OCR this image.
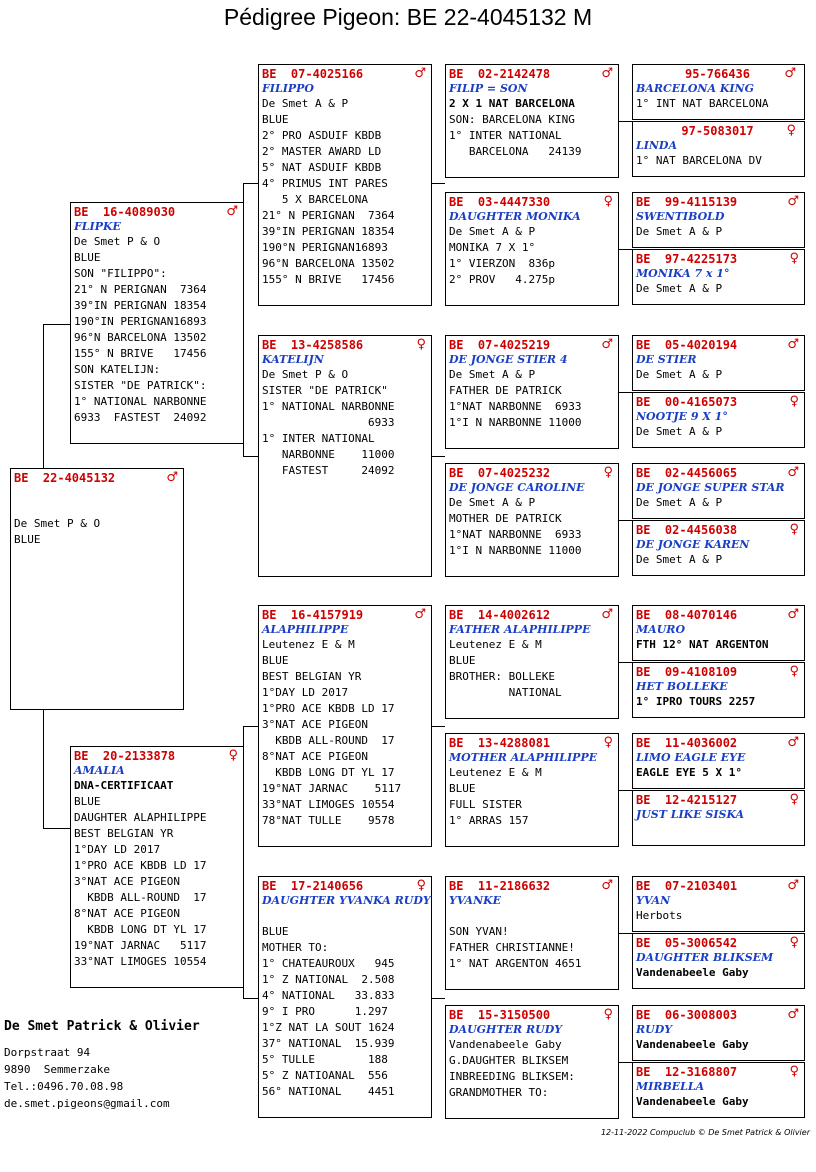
Pédigree Pigeon: BE 22-4045132 M
BE  22-4045132	♂

De Smet P & O
BLUE
BE  16-4089030	♂
FLIPKE
De Smet P & O
BLUE
SON "FILIPPO":
21° N PERIGNAN  7364
39°IN PERIGNAN 18354
190°IN PERIGNAN16893
96°N BARCELONA 13502
155° N BRIVE   17456
SON KATELIJN:
SISTER "DE PATRICK":
1° NATIONAL NARBONNE
6933  FASTEST  24092
BE  20-2133878	♀
AMALIA
DNA-CERTIFICAAT
BLUE
DAUGHTER ALAPHILIPPE
BEST BELGIAN YR
1°DAY LD 2017
1°PRO ACE KBDB LD 17
3°NAT ACE PIGEON
KBDB ALL-ROUND  17
8°NAT ACE PIGEON
KBDB LONG DT YL 17
19°NAT JARNAC   5117
33°NAT LIMOGES 10554
BE  07-4025166	♂
FILIPPO
De Smet A & P
BLUE
2° PRO ASDUIF KBDB
2° MASTER AWARD LD
5° NAT ASDUIF KBDB
4° PRIMUS INT PARES
5 X BARCELONA
21° N PERIGNAN  7364
39°IN PERIGNAN 18354
190°N PERIGNAN16893
96°N BARCELONA 13502
155° N BRIVE   17456
BE  13-4258586	♀
KATELIJN
De Smet P & O
SISTER "DE PATRICK"
1° NATIONAL NARBONNE
6933
1° INTER NATIONAL
NARBONNE    11000
FASTEST     24092
BE  16-4157919	♂
ALAPHILIPPE
Leutenez E & M
BLUE
BEST BELGIAN YR
1°DAY LD 2017
1°PRO ACE KBDB LD 17
3°NAT ACE PIGEON
KBDB ALL-ROUND  17
8°NAT ACE PIGEON
KBDB LONG DT YL 17
19°NAT JARNAC    5117
33°NAT LIMOGES 10554
78°NAT TULLE    9578
BE  17-2140656	♀
DAUGHTER YVANKA RUDY

BLUE
MOTHER TO:
1° CHATEAUROUX   945
1° Z NATIONAL  2.508
4° NATIONAL   33.833
9° I PRO      1.297
1°Z NAT LA SOUT 1624
37° NATIONAL  15.939
5° TULLE        188
5° Z NATIOANAL  556
56° NATIONAL    4451
BE  02-2142478	♂
FILIP = SON
2 X 1 NAT BARCELONA
SON: BARCELONA KING
1° INTER NATIONAL
BARCELONA   24139
BE  03-4447330	♀
DAUGHTER MONIKA
De Smet A & P
MONIKA 7 X 1°
1° VIERZON  836p
2° PROV   4.275p
BE  07-4025219	♂
DE JONGE STIER 4
De Smet A & P
FATHER DE PATRICK
1°NAT NARBONNE  6933
1°I N NARBONNE 11000
BE  07-4025232	♀
DE JONGE CAROLINE
De Smet A & P
MOTHER DE PATRICK
1°NAT NARBONNE  6933
1°I N NARBONNE 11000
BE  14-4002612	♂
FATHER ALAPHILIPPE
Leutenez E & M
BLUE
BROTHER: BOLLEKE
NATIONAL
BE  13-4288081	♀
MOTHER ALAPHILIPPE
Leutenez E & M
BLUE
FULL SISTER
1° ARRAS 157
BE  11-2186632	♂
YVANKE

SON YVAN!
FATHER CHRISTIANNE!
1° NAT ARGENTON 4651
BE  15-3150500	♀
DAUGHTER RUDY
Vandenabeele Gaby
G.DAUGHTER BLIKSEM
INBREEDING BLIKSEM:
GRANDMOTHER TO:
95-766436	♂
BARCELONA KING
1° INT NAT BARCELONA
97-5083017	♀
LINDA
1° NAT BARCELONA DV
BE  99-4115139	♂
SWENTIBOLD
De Smet A & P
BE  97-4225173	♀
MONIKA 7 x 1°
De Smet A & P
BE  05-4020194	♂
DE STIER
De Smet A & P
BE  00-4165073	♀
NOOTJE 9 X 1°
De Smet A & P
BE  02-4456065	♂
DE JONGE SUPER STAR
De Smet A & P
BE  02-4456038	♀
DE JONGE KAREN
De Smet A & P
BE  08-4070146	♂
MAURO
FTH 12° NAT ARGENTON
BE  09-4108109	♀
HET BOLLEKE
1° IPRO TOURS 2257
BE  11-4036002	♂
LIMO EAGLE EYE
EAGLE EYE 5 X 1°
BE  12-4215127	♀
JUST LIKE SISKA
BE  07-2103401	♂
YVAN
Herbots
BE  05-3006542	♀
DAUGHTER BLIKSEM
Vandenabeele Gaby
BE  06-3008003	♂
RUDY
Vandenabeele Gaby
BE  12-3168807	♀
MIRBELLA
Vandenabeele Gaby
De Smet Patrick & Olivier
Dorpstraat 94
9890  Semmerzake
Tel.:0496.70.08.98
de.smet.pigeons@gmail.com
12-11-2022 Compuclub © De Smet Patrick & Olivier
